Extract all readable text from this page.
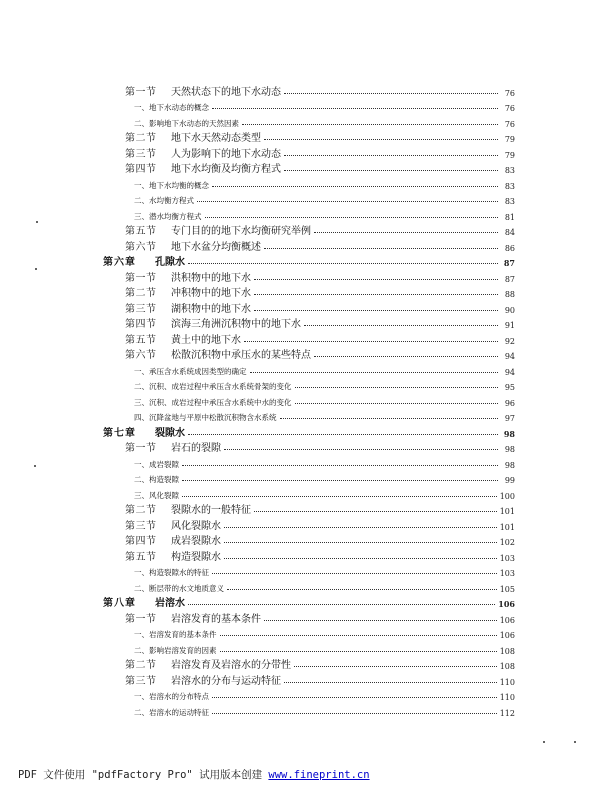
第一节	天然状态下的地下水动态	76
一、地下水动态的概念	76
二、影响地下水动态的天然因素	76
第二节	地下水天然动态类型	79
第三节	人为影响下的地下水动态	79
第四节	地下水均衡及均衡方程式	83
一、地下水均衡的概念	83
二、水均衡方程式	83
三、潜水均衡方程式	81
第五节	专门目的的地下水均衡研究举例	84
第六节	地下水盆分均衡概述	86
第六章	孔隙水	87
第一节	洪积物中的地下水	87
第二节	冲积物中的地下水	88
第三节	湖积物中的地下水	90
第四节	滨海三角洲沉积物中的地下水	91
第五节	黄土中的地下水	92
第六节	松散沉积物中承压水的某些特点	94
一、承压含水系统成因类型的确定	94
二、沉积、成岩过程中承压含水系统骨架的变化	95
三、沉积、成岩过程中承压含水系统中水的变化	96
四、沉降盆地与平原中松散沉积物含水系统	97
第七章	裂隙水	98
第一节	岩石的裂隙	98
一、成岩裂隙	98
二、构造裂隙	99
三、风化裂隙	100
第二节	裂隙水的一般特征	101
第三节	风化裂隙水	101
第四节	成岩裂隙水	102
第五节	构造裂隙水	103
一、构造裂隙水的特征	103
二、断层带的水文地质意义	105
第八章	岩溶水	106
第一节	岩溶发育的基本条件	106
一、岩溶发育的基本条件	106
二、影响岩溶发育的因素	108
第二节	岩溶发育及岩溶水的分带性	108
第三节	岩溶水的分布与运动特征	110
一、岩溶水的分布特点	110
二、岩溶水的运动特征	112
PDF 文件使用 "pdfFactory Pro" 试用版本创建 www.fineprint.cn
